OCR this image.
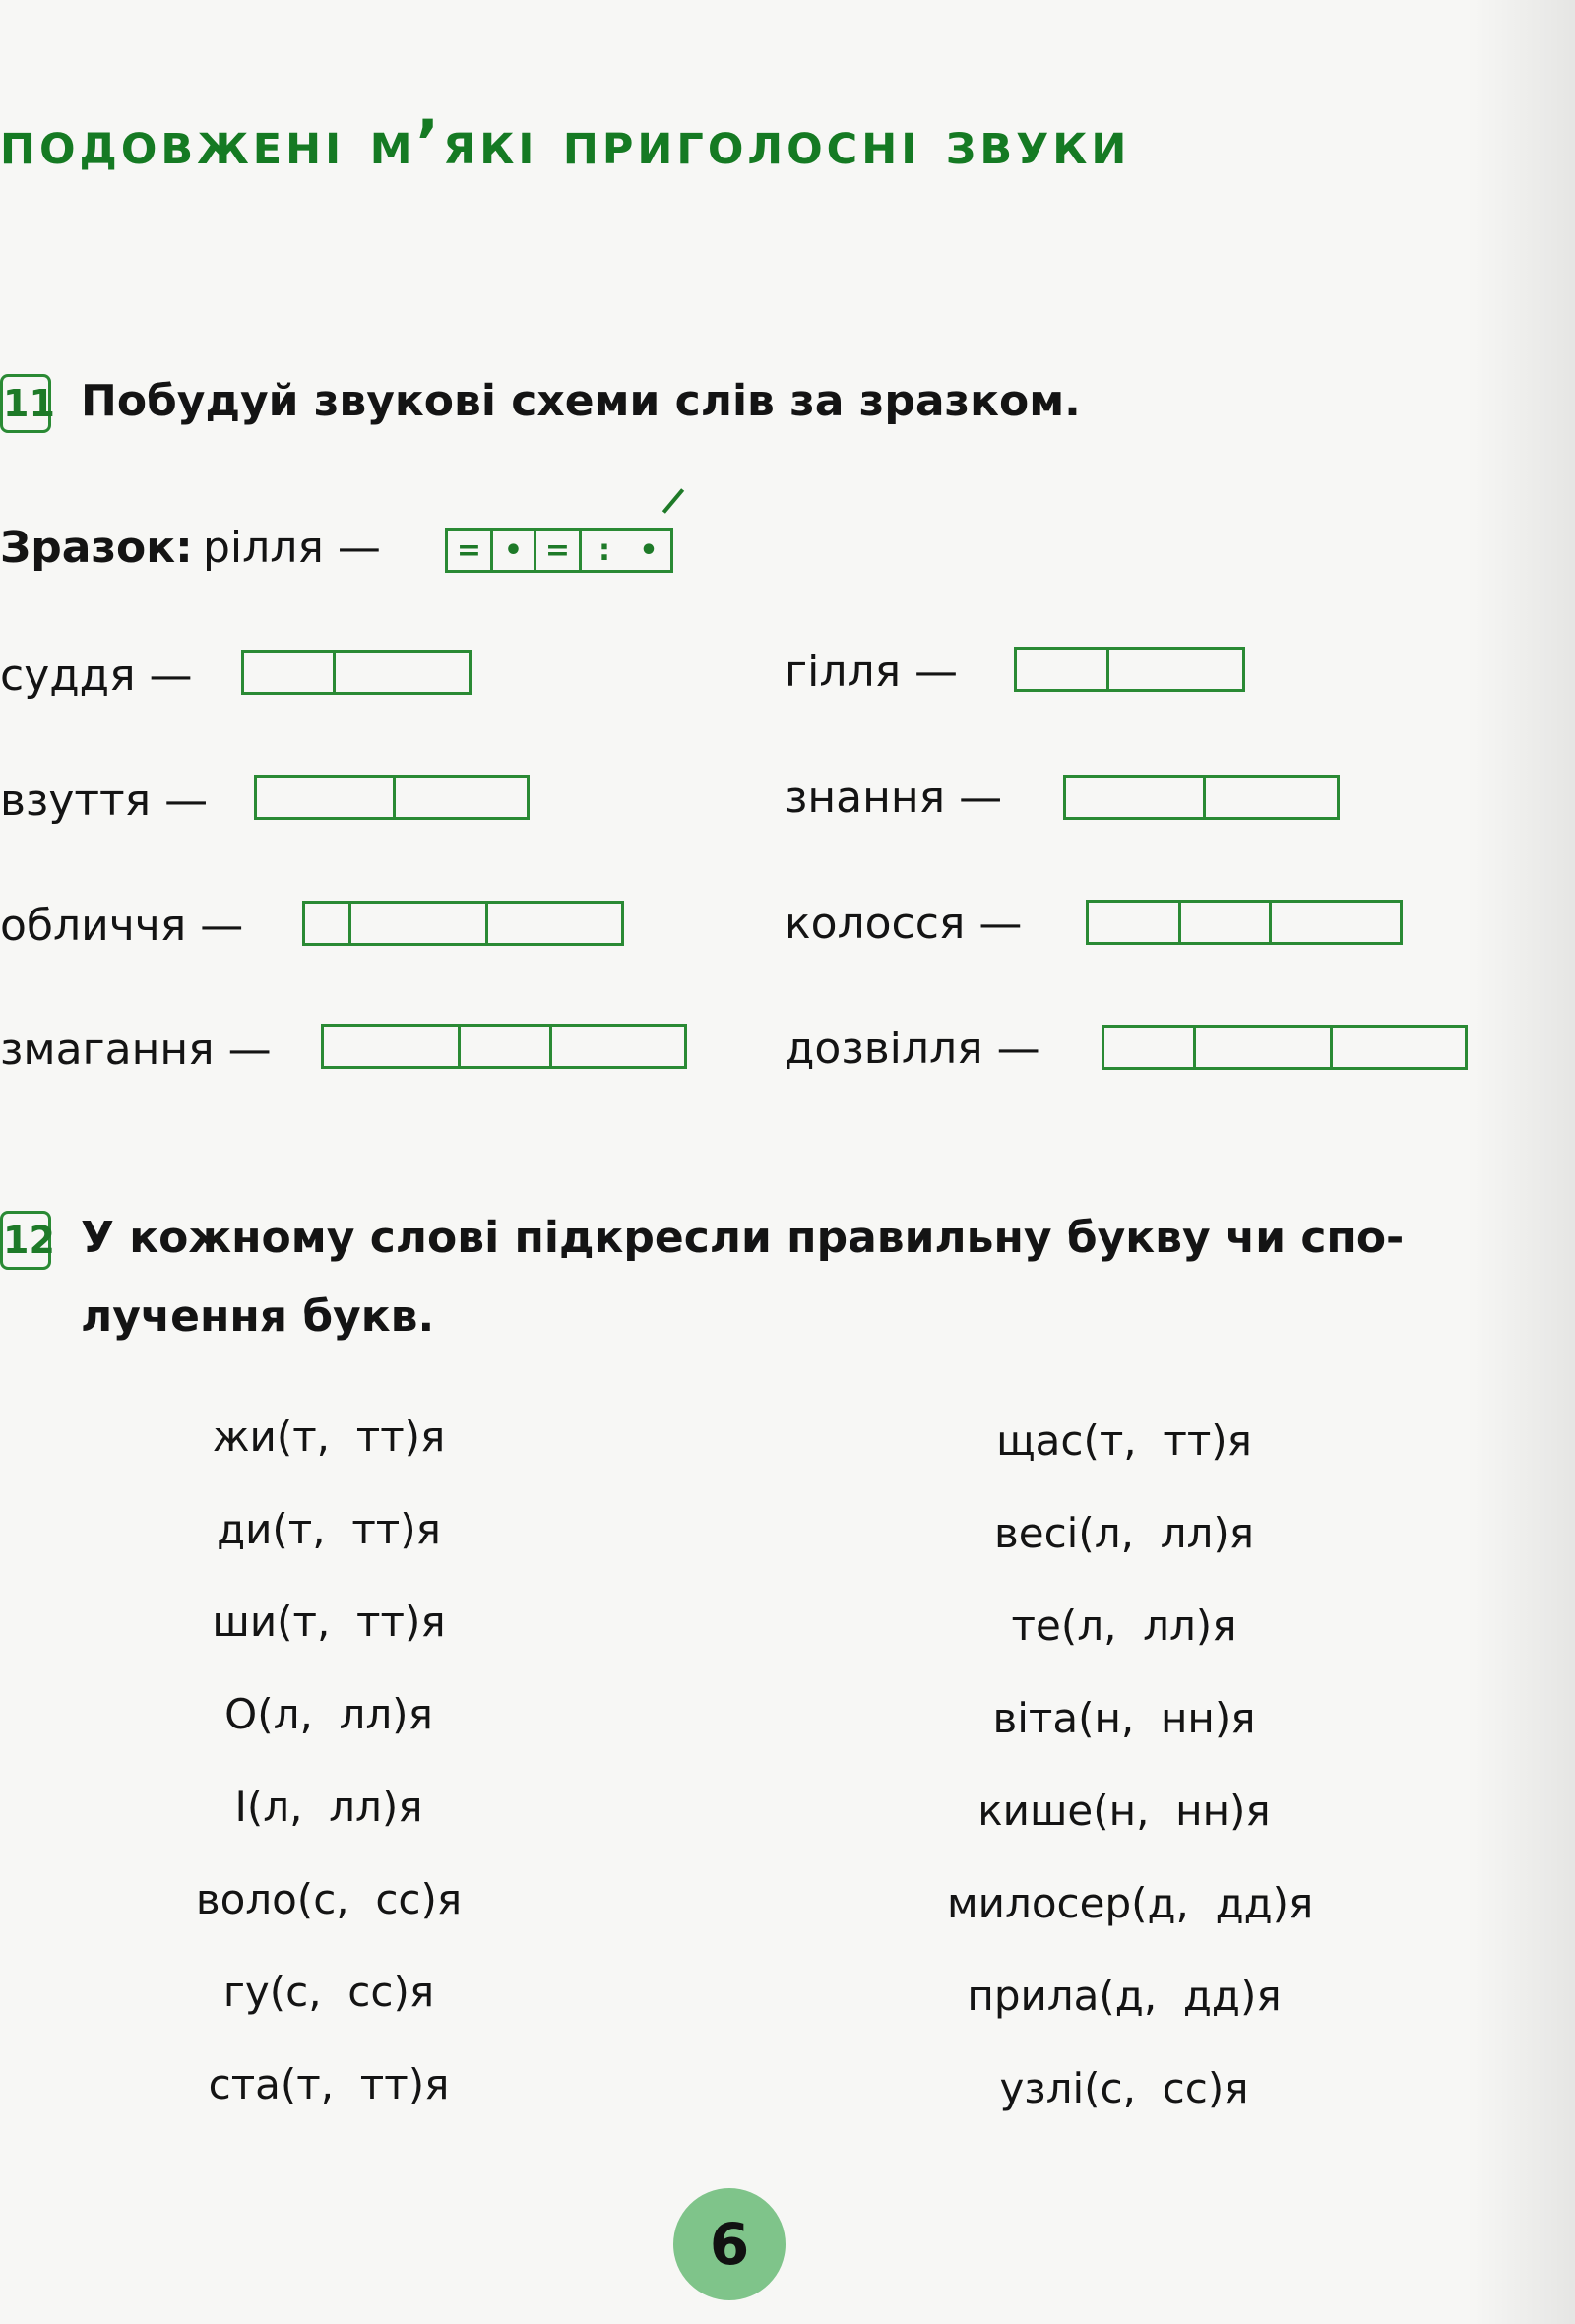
подовжені м’які приголосні звуки
11 Побудуй звукові схеми слів за зразком.
Зразок: рілля —	= • = : •
суддя —	гілля —
взуття —	знання —
обличчя —	колосся —
змагання —	дозвілля —
12 У кожному слові підкресли правильну букву чи спо-
лучення букв.
жи(т,  тт)я
ди(т,  тт)я
ши(т,  тт)я
О(л,  лл)я
І(л,  лл)я
воло(с,  сс)я
гу(с,  сс)я
ста(т,  тт)я
щас(т,  тт)я
весі(л,  лл)я
те(л,  лл)я
віта(н,  нн)я
кише(н,  нн)я
милосер(д,  дд)я
прила(д,  дд)я
узлі(с,  сс)я
6
